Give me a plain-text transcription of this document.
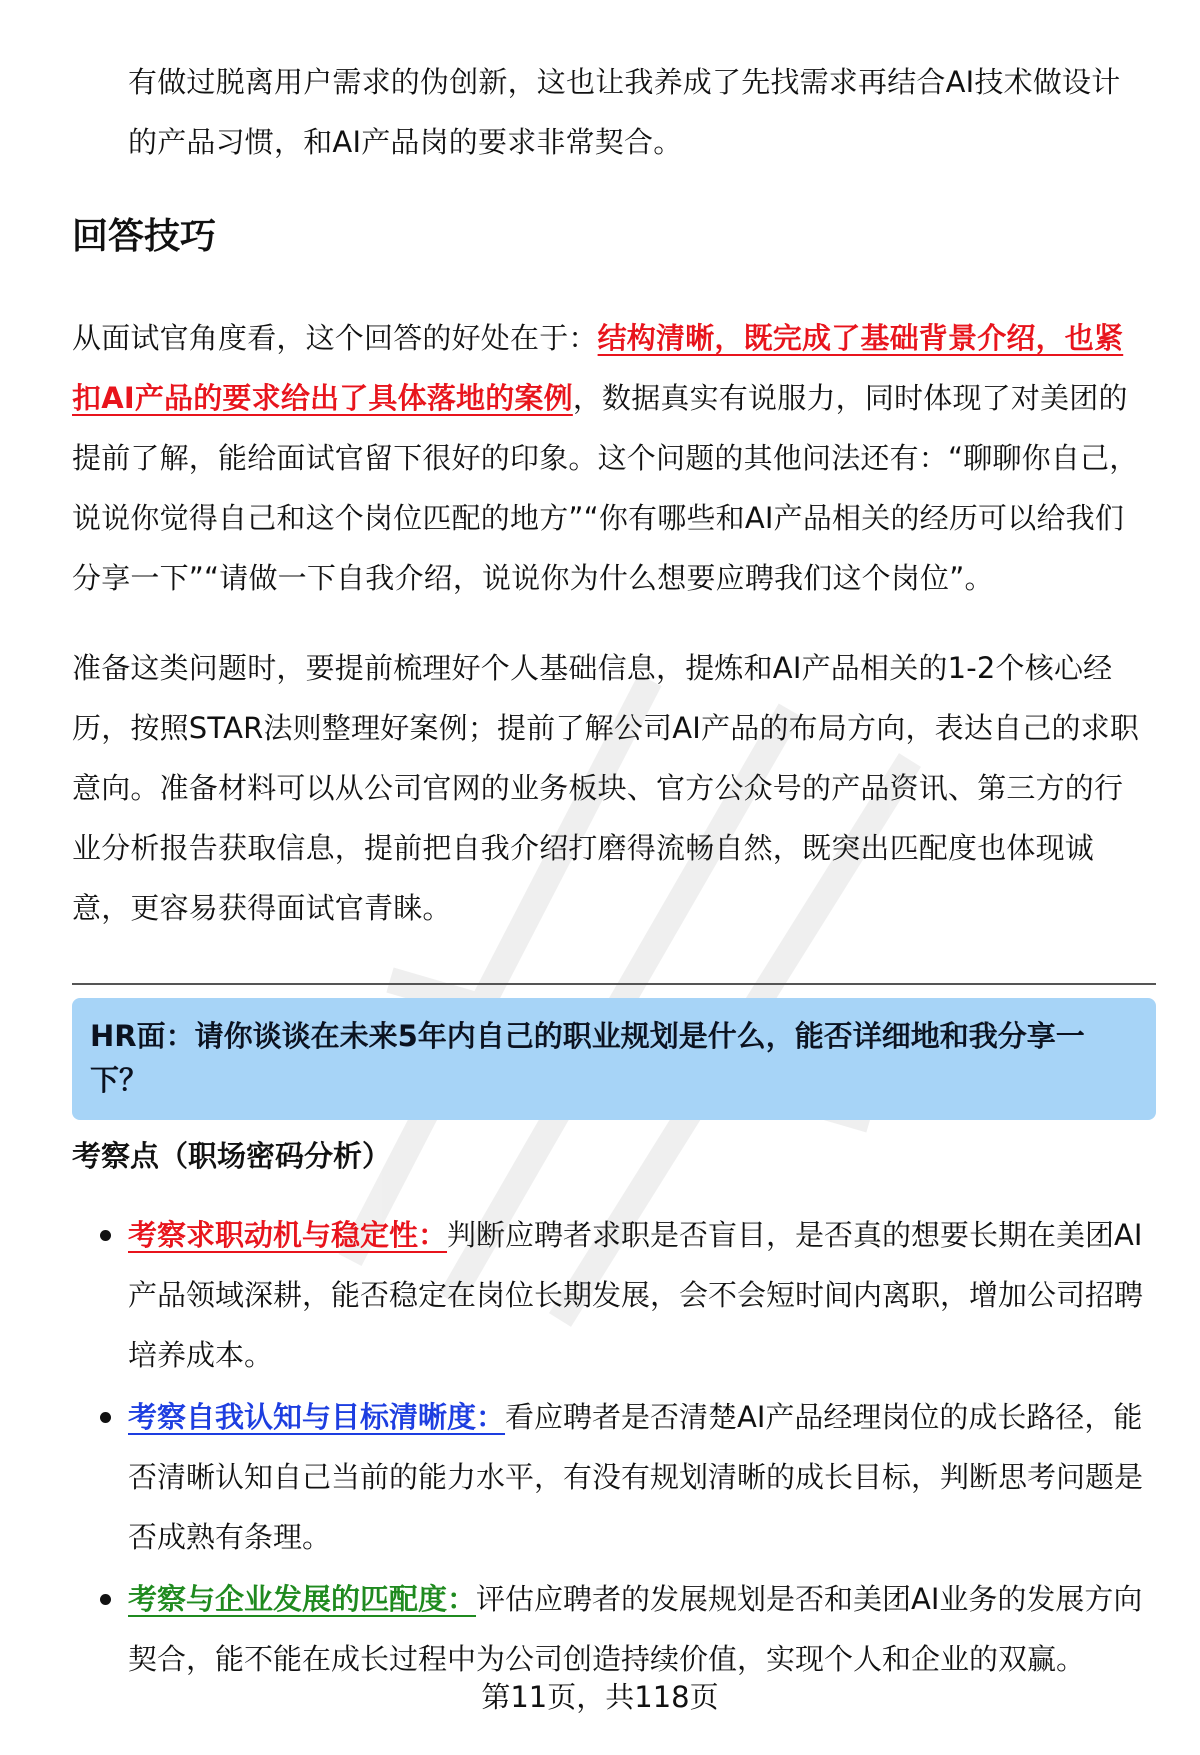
有做过脱离用户需求的伪创新，这也让我养成了先找需求再结合AI技术做设计的产品习惯，和AI产品岗的要求非常契合。

回答技巧

从面试官角度看，这个回答的好处在于：结构清晰，既完成了基础背景介绍，也紧扣AI产品的要求给出了具体落地的案例，数据真实有说服力，同时体现了对美团的提前了解，能给面试官留下很好的印象。这个问题的其他问法还有：“聊聊你自己，说说你觉得自己和这个岗位匹配的地方”“你有哪些和AI产品相关的经历可以给我们分享一下”“请做一下自我介绍，说说你为什么想要应聘我们这个岗位”。

准备这类问题时，要提前梳理好个人基础信息，提炼和AI产品相关的1-2个核心经历，按照STAR法则整理好案例；提前了解公司AI产品的布局方向，表达自己的求职意向。准备材料可以从公司官网的业务板块、官方公众号的产品资讯、第三方的行业分析报告获取信息，提前把自我介绍打磨得流畅自然，既突出匹配度也体现诚意，更容易获得面试官青睐。

HR面：请你谈谈在未来5年内自己的职业规划是什么，能否详细地和我分享一下？

考察点（职场密码分析）
考察求职动机与稳定性：判断应聘者求职是否盲目，是否真的想要长期在美团AI产品领域深耕，能否稳定在岗位长期发展，会不会短时间内离职，增加公司招聘培养成本。
考察自我认知与目标清晰度：看应聘者是否清楚AI产品经理岗位的成长路径，能否清晰认知自己当前的能力水平，有没有规划清晰的成长目标，判断思考问题是否成熟有条理。
考察与企业发展的匹配度：评估应聘者的发展规划是否和美团AI业务的发展方向契合，能不能在成长过程中为公司创造持续价值，实现个人和企业的双赢。

第11页，共118页
